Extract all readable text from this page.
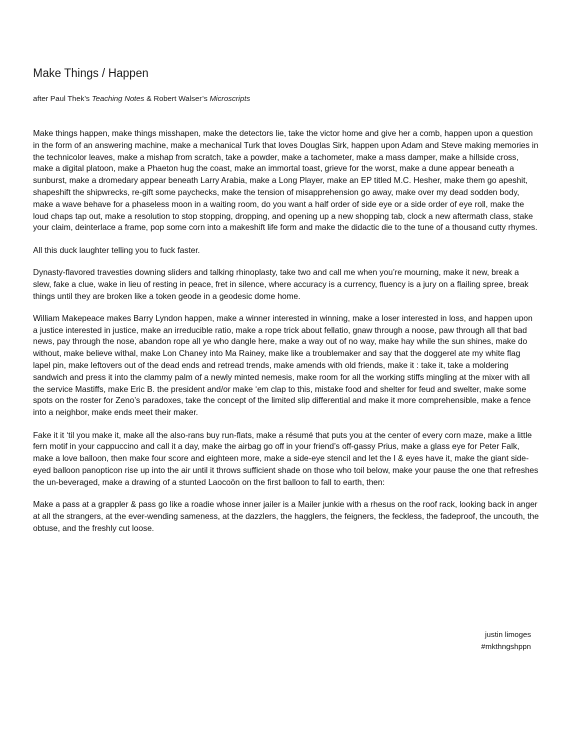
Make Things / Happen
after Paul Thek’s Teaching Notes & Robert Walser’s Microscripts

Make things happen, make things misshapen, make the detectors lie, take the victor home and give her a comb, happen upon a question in the form of an answering machine, make a mechanical Turk that loves Douglas Sirk, happen upon Adam and Steve making memories in the technicolor leaves, make a mishap from scratch, take a powder, make a tachometer, make a mass damper, make a hillside cross, make a digital platoon, make a Phaeton hug the coast, make an immortal toast, grieve for the worst, make a dune appear beneath a sunburst, make a dromedary appear beneath Larry Arabia, make a Long Player, make an EP titled M.C. Hesher, make them go apeshit, shapeshift the shipwrecks, re-gift some paychecks, make the tension of misapprehension go away, make over my dead sodden body, make a wave behave for a phaseless moon in a waiting room, do you want a half order of side eye or a side order of eye roll, make the loud chaps tap out, make a resolution to stop stopping, dropping, and opening up a new shopping tab, clock a new aftermath class, stake your claim, deinterlace a frame, pop some corn into a makeshift life form and make the didactic die to the tune of a thousand cutty rhymes.

All this duck laughter telling you to fuck faster.

Dynasty-flavored travesties downing sliders and talking rhinoplasty, take two and call me when you’re mourning, make it new, break a slew, fake a clue, wake in lieu of resting in peace, fret in silence, where accuracy is a currency, fluency is a jury on a flailing spree, break things until they are broken like a token geode in a geodesic dome home.

William Makepeace makes Barry Lyndon happen, make a winner interested in winning, make a loser interested in loss, and happen upon a justice interested in justice, make an irreducible ratio, make a rope trick about fellatio, gnaw through a noose, paw through all that bad news, pay through the nose, abandon rope all ye who dangle here, make a way out of no way, make hay while the sun shines, make do without, make believe withal, make Lon Chaney into Ma Rainey, make like a troublemaker and say that the doggerel ate my white flag lapel pin, make leftovers out of the dead ends and retread trends, make amends with old friends, make it : take it, take a moldering sandwich and press it into the clammy palm of a newly minted nemesis, make room for all the working stiffs mingling at the mixer with all the service Mastiffs, make Eric B. the president and/or make ‘em clap to this, mistake food and shelter for feud and swelter, make some spots on the roster for Zeno’s paradoxes, take the concept of the limited slip differential and make it more comprehensible, make a fence into a neighbor, make ends meet their maker.

Fake it it ‘til you make it, make all the also-rans buy run-flats, make a résumé that puts you at the center of every corn maze, make a little fern motif in your cappuccino and call it a day, make the airbag go off in your friend’s off-gassy Prius, make a glass eye for Peter Falk, make a love balloon, then make four score and eighteen more, make a side-eye stencil and let the I & eyes have it, make the giant side-eyed balloon panopticon rise up into the air until it throws sufficient shade on those who toil below, make your pause the one that refreshes the un-beveraged, make a drawing of a stunted Laocoön on the first balloon to fall to earth, then:

Make a pass at a grappler & pass go like a roadie whose inner jailer is a Mailer junkie with a rhesus on the roof rack, looking back in anger at all the strangers, at the ever-wending sameness, at the dazzlers, the hagglers, the feigners, the feckless, the fadeproof, the uncouth, the obtuse, and the freshly cut loose.

justin limoges
#mkthngshppn
